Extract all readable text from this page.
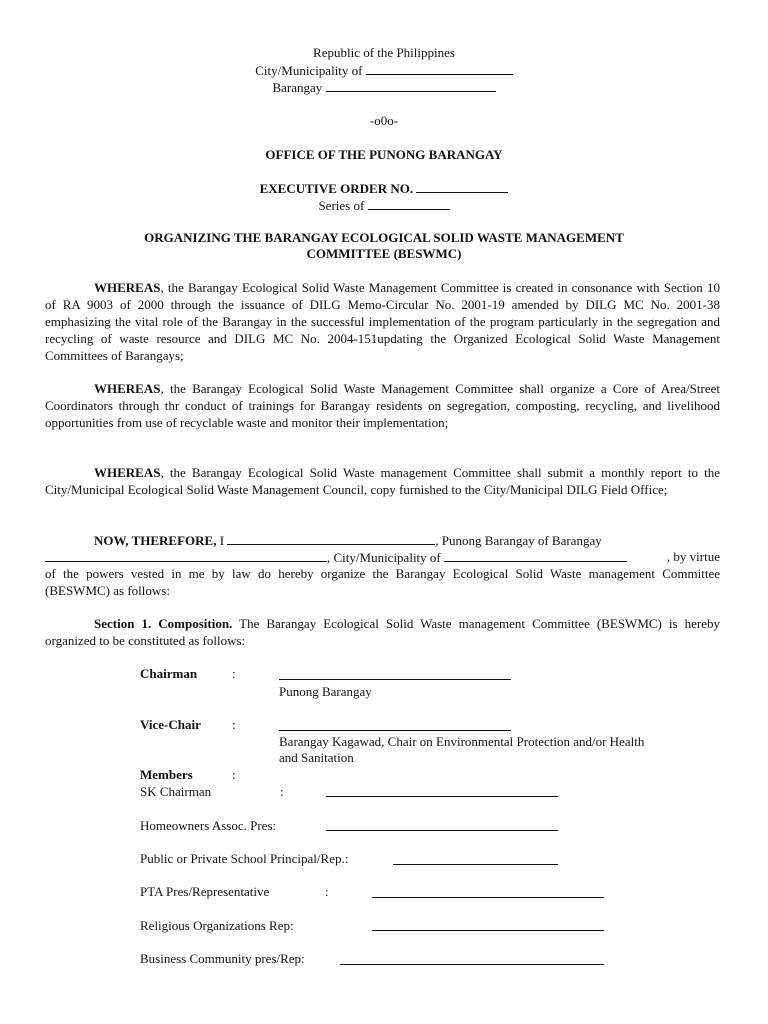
Republic of the Philippines
City/Municipality of
Barangay
-o0o-
OFFICE OF THE PUNONG BARANGAY
EXECUTIVE ORDER NO.
Series of
ORGANIZING THE BARANGAY ECOLOGICAL SOLID WASTE MANAGEMENT
COMMITTEE (BESWMC)
WHEREAS, the Barangay Ecological Solid Waste Management Committee is created in consonance with Section 10 of RA 9003 of 2000 through the issuance of DILG Memo-Circular No. 2001-19 amended by DILG MC No. 2001-38 emphasizing the vital role of the Barangay in the successful implementation of the program particularly in the segregation and recycling of waste resource and DILG MC No. 2004-151updating the Organized Ecological Solid Waste Management Committees of Barangays;
WHEREAS, the Barangay Ecological Solid Waste Management Committee shall organize a Core of Area/Street Coordinators through thr conduct of trainings for Barangay residents on segregation, composting, recycling, and livelihood opportunities from use of recyclable waste and monitor their implementation;
WHEREAS, the Barangay Ecological Solid Waste management Committee shall submit a monthly report to the City/Municipal Ecological Solid Waste Management Council, copy furnished to the City/Municipal DILG Field Office;
NOW, THEREFORE, I	, Punong Barangay of Barangay
, City/Municipality of	, by virtue
of the powers vested in me by law do hereby organize the Barangay Ecological Solid Waste management Committee (BESWMC) as follows:
Section 1. Composition. The Barangay Ecological Solid Waste management Committee (BESWMC) is hereby organized to be constituted as follows:
Chairman	:
Punong Barangay
Vice-Chair :
Barangay Kagawad, Chair on Environmental Protection and/or Health
and Sanitation
Members	:
SK Chairman	:
Homeowners Assoc. Pres:
Public or Private School Principal/Rep.:
PTA Pres/Representative	:
Religious Organizations Rep:
Business Community pres/Rep:
